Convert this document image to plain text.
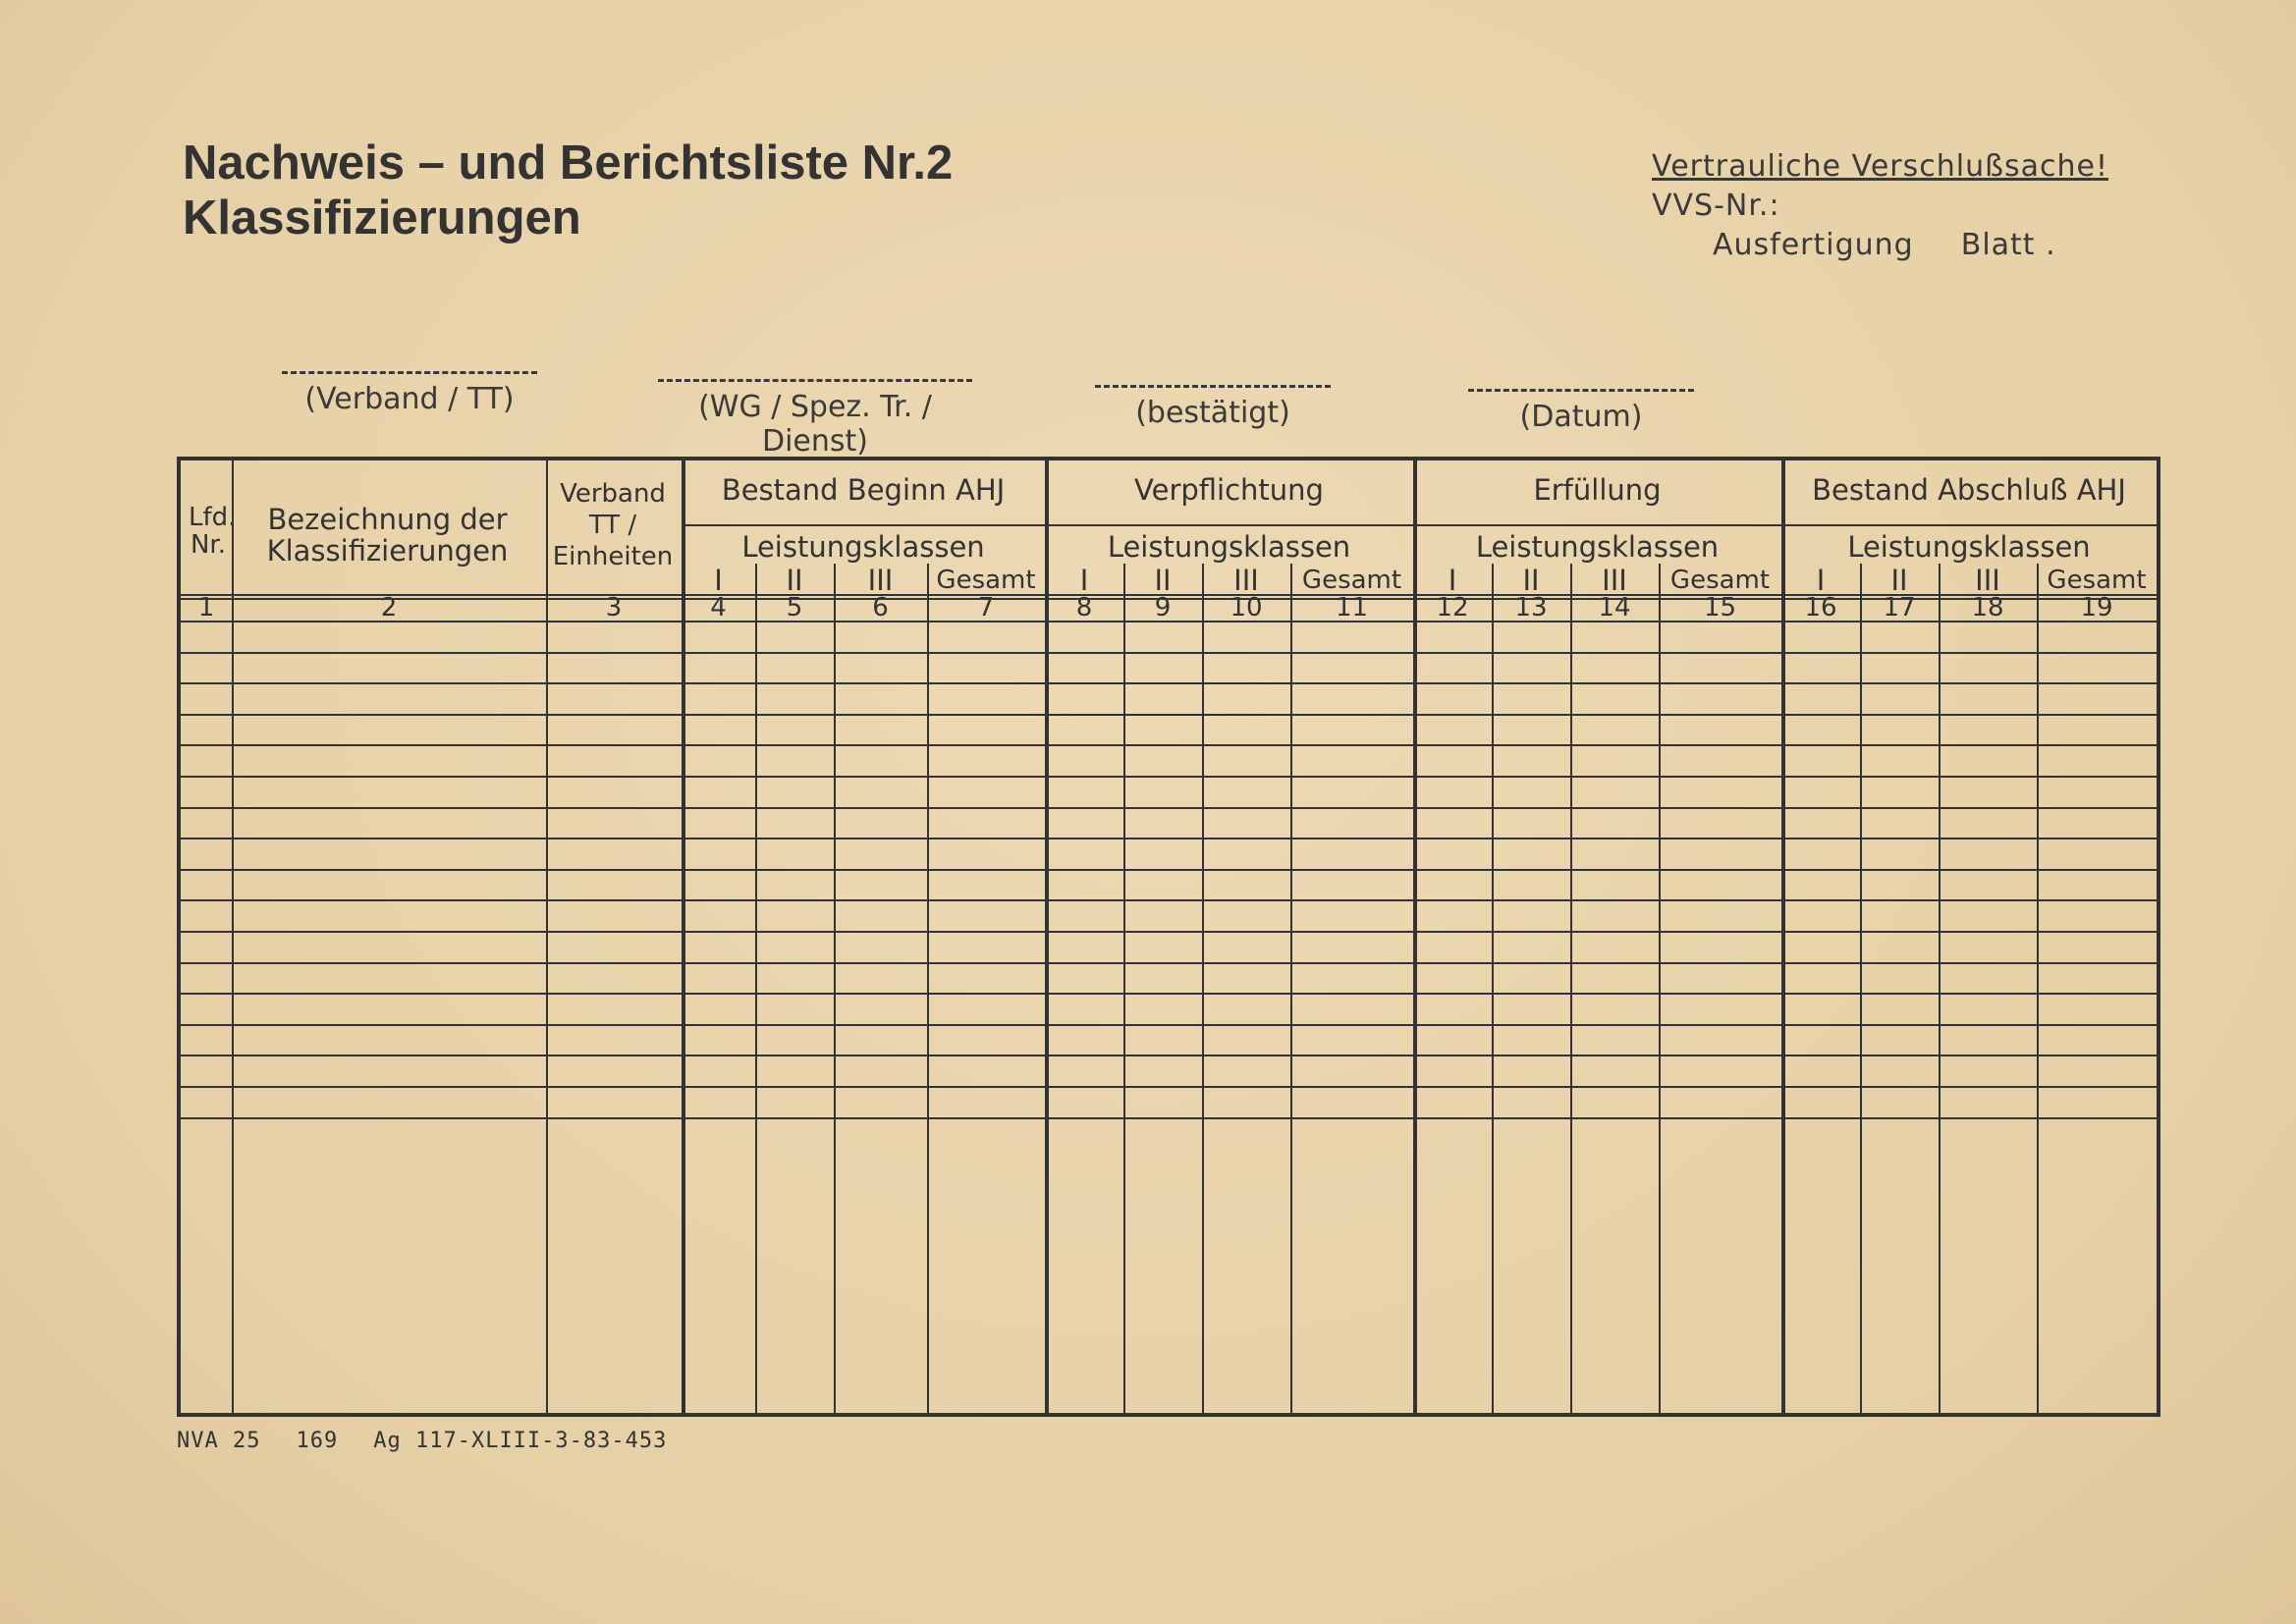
Nachweis – und Berichtsliste Nr.2
Klassifizierungen
Vertrauliche Verschlußsache!
VVS-Nr.:
Ausfertigung Blatt .
(Verband / TT)	(WG / Spez. Tr. / Dienst)
(bestätigt)	(Datum)
Lfd.
Nr.
Bezeichnung der
Klassifizierungen
Verband
TT /
Einheiten
Bestand Beginn AHJ
Leistungsklassen
I	II	III	Gesamt
Verpflichtung
Leistungsklassen
I	II	III	Gesamt
Erfüllung
Leistungsklassen
I	II	III	Gesamt
Bestand Abschluß AHJ
Leistungsklassen
I	II	III	Gesamt
1	2	3	4	5	6	7	8	9	10	11	12	13	14	15	16	17	18	19
NVA 25 169 Ag 117-XLIII-3-83-453
